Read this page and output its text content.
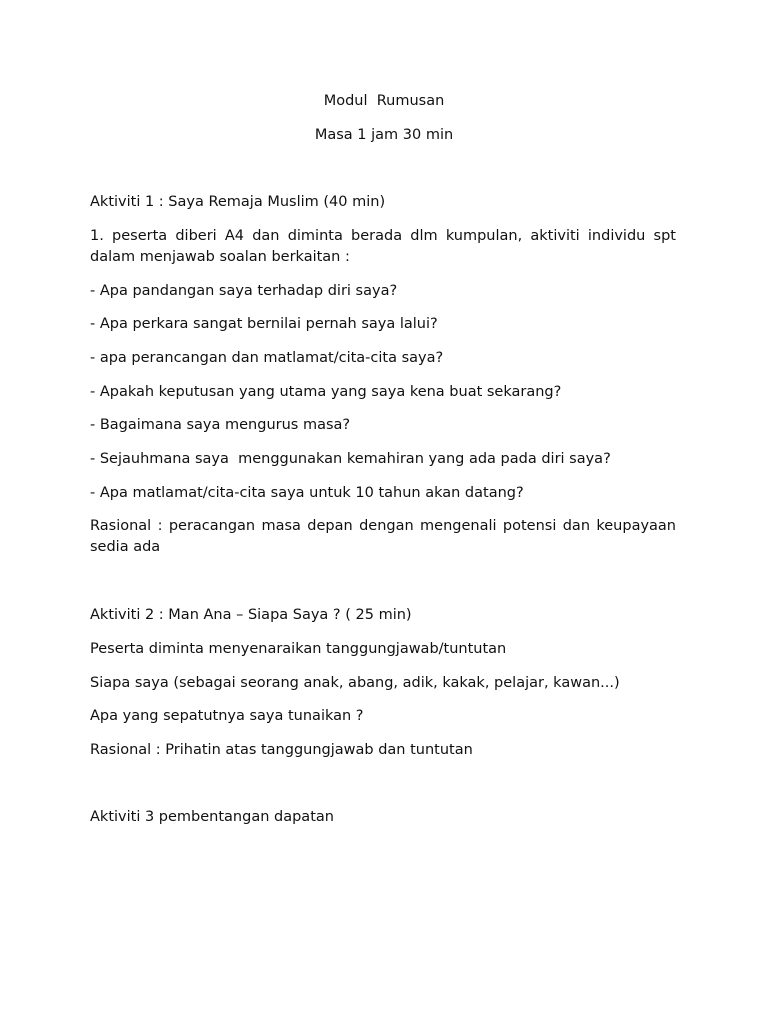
Modul  Rumusan

Masa 1 jam 30 min

Aktiviti 1 : Saya Remaja Muslim (40 min)

1. peserta diberi A4 dan diminta berada dlm kumpulan, aktiviti individu spt dalam menjawab soalan berkaitan :

- Apa pandangan saya terhadap diri saya?

- Apa perkara sangat bernilai pernah saya lalui?

- apa perancangan dan matlamat/cita-cita saya?

- Apakah keputusan yang utama yang saya kena buat sekarang?

- Bagaimana saya mengurus masa?

- Sejauhmana saya  menggunakan kemahiran yang ada pada diri saya?

- Apa matlamat/cita-cita saya untuk 10 tahun akan datang?

Rasional : peracangan masa depan dengan mengenali potensi dan keupayaan sedia ada

Aktiviti 2 : Man Ana – Siapa Saya ? ( 25 min)

Peserta diminta menyenaraikan tanggungjawab/tuntutan

Siapa saya (sebagai seorang anak, abang, adik, kakak, pelajar, kawan...)

Apa yang sepatutnya saya tunaikan ?

Rasional : Prihatin atas tanggungjawab dan tuntutan

Aktiviti 3 pembentangan dapatan
